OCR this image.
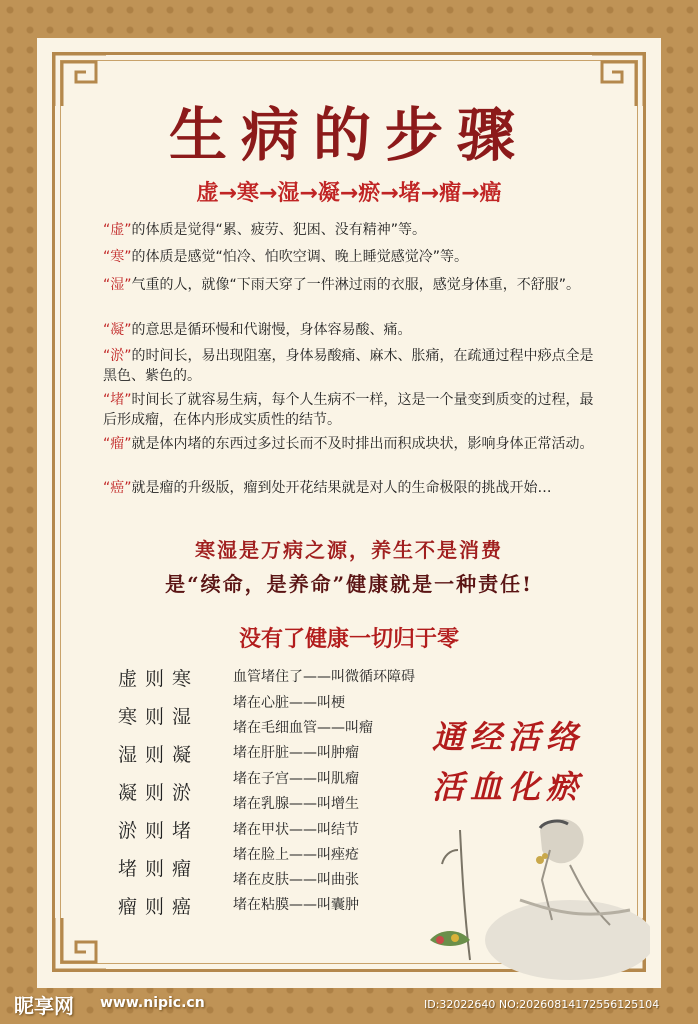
生病的步骤
虚→寒→湿→凝→瘀→堵→瘤→癌
“虚”的体质是觉得“累、疲劳、犯困、没有精神”等。
“寒”的体质是感觉“怕冷、怕吹空调、晚上睡觉感觉冷”等。
“湿”气重的人，就像“下雨天穿了一件淋过雨的衣服，感觉身体重，不舒服”。
“凝”的意思是循环慢和代谢慢，身体容易酸、痛。
“淤”的时间长，易出现阻塞，身体易酸痛、麻木、胀痛，在疏通过程中痧点全是黑色、紫色的。
“堵”时间长了就容易生病，每个人生病不一样，这是一个量变到质变的过程，最后形成瘤，在体内形成实质性的结节。
“瘤”就是体内堵的东西过多过长而不及时排出而积成块状，影响身体正常活动。
“癌”就是瘤的升级版，瘤到处开花结果就是对人的生命极限的挑战开始…
寒湿是万病之源，养生不是消费
是“续命，是养命”健康就是一种责任!
没有了健康一切归于零
虚则寒
寒则湿
湿则凝
凝则淤
淤则堵
堵则瘤
瘤则癌
血管堵住了——叫微循环障碍
堵在心脏——叫梗
堵在毛细血管——叫瘤
堵在肝脏——叫肿瘤
堵在子宫——叫肌瘤
堵在乳腺——叫增生
堵在甲状——叫结节
堵在脸上——叫痤疮
堵在皮肤——叫曲张
堵在粘膜——叫囊肿
通经活络
活血化瘀
昵享网 www.nipic.cn	ID:32022640 NO:20260814172556125104
